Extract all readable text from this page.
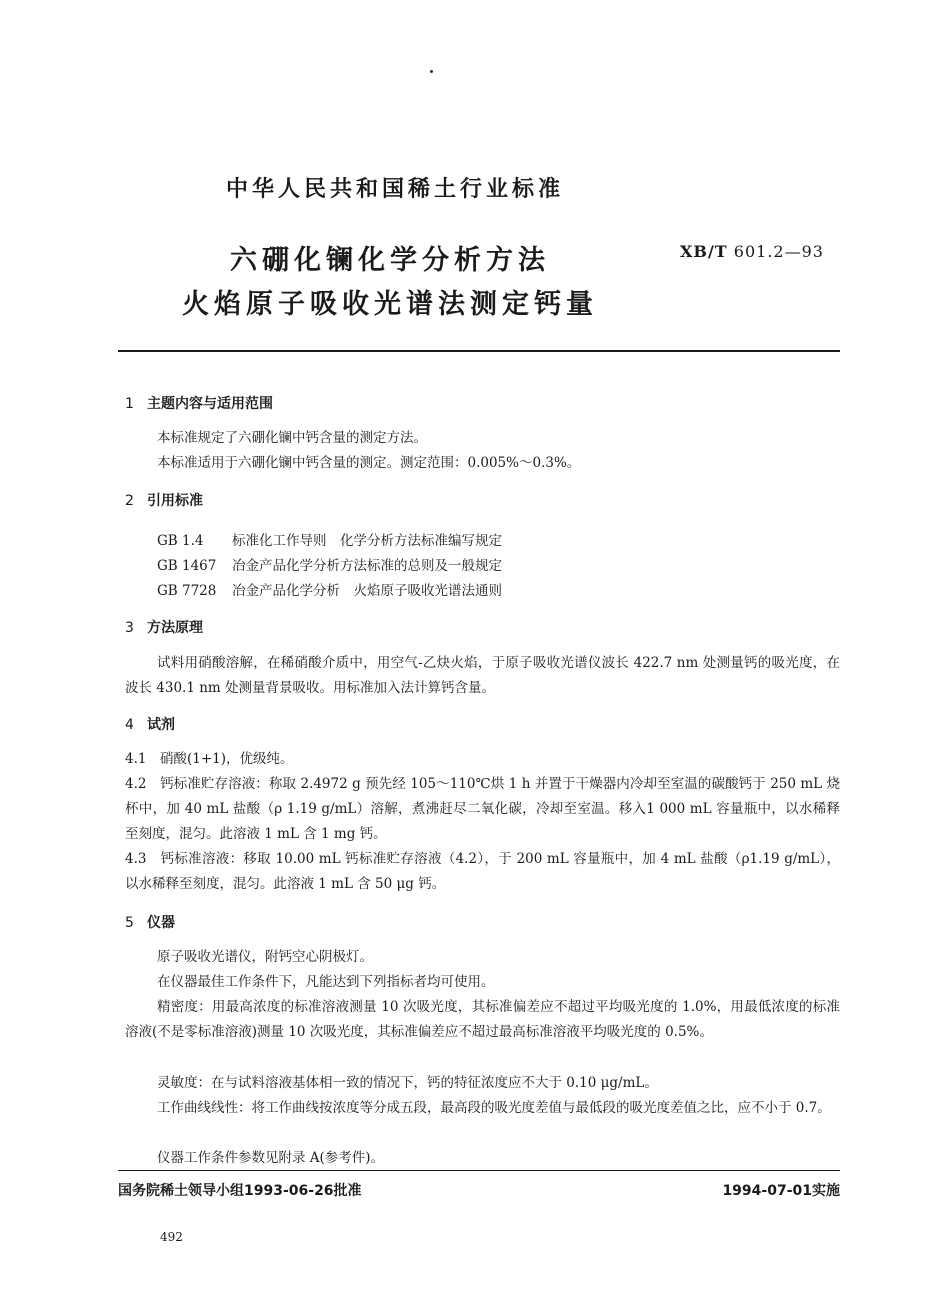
中华人民共和国稀土行业标准
六硼化镧化学分析方法
火焰原子吸收光谱法测定钙量
XB/T 601.2—93
1 主题内容与适用范围
本标准规定了六硼化镧中钙含量的测定方法。
本标准适用于六硼化镧中钙含量的测定。测定范围：0.005%～0.3%。
2 引用标准
GB 1.4 标准化工作导则　化学分析方法标准编写规定
GB 1467 冶金产品化学分析方法标准的总则及一般规定
GB 7728 冶金产品化学分析　火焰原子吸收光谱法通则
3 方法原理
试料用硝酸溶解，在稀硝酸介质中，用空气-乙炔火焰，于原子吸收光谱仪波长 422.7 nm 处测量钙的吸光度，在波长 430.1 nm 处测量背景吸收。用标准加入法计算钙含量。
4 试剂
4.1　硝酸(1+1)，优级纯。
4.2　钙标准贮存溶液：称取 2.4972 g 预先经 105～110℃烘 1 h 并置于干燥器内冷却至室温的碳酸钙于 250 mL 烧杯中，加 40 mL 盐酸（ρ 1.19 g/mL）溶解，煮沸赶尽二氧化碳，冷却至室温。移入1 000 mL 容量瓶中，以水稀释至刻度，混匀。此溶液 1 mL 含 1 mg 钙。
4.3　钙标准溶液：移取 10.00 mL 钙标准贮存溶液（4.2），于 200 mL 容量瓶中，加 4 mL 盐酸（ρ1.19 g/mL），以水稀释至刻度，混匀。此溶液 1 mL 含 50 μg 钙。
5 仪器
原子吸收光谱仪，附钙空心阴极灯。
在仪器最佳工作条件下，凡能达到下列指标者均可使用。
精密度：用最高浓度的标准溶液测量 10 次吸光度，其标准偏差应不超过平均吸光度的 1.0%，用最低浓度的标准溶液(不是零标准溶液)测量 10 次吸光度，其标准偏差应不超过最高标准溶液平均吸光度的 0.5%。
灵敏度：在与试料溶液基体相一致的情况下，钙的特征浓度应不大于 0.10 μg/mL。
工作曲线线性：将工作曲线按浓度等分成五段，最高段的吸光度差值与最低段的吸光度差值之比，应不小于 0.7。
仪器工作条件参数见附录 A(参考件)。
国务院稀土领导小组1993-06-26批准	1994-07-01实施
492
